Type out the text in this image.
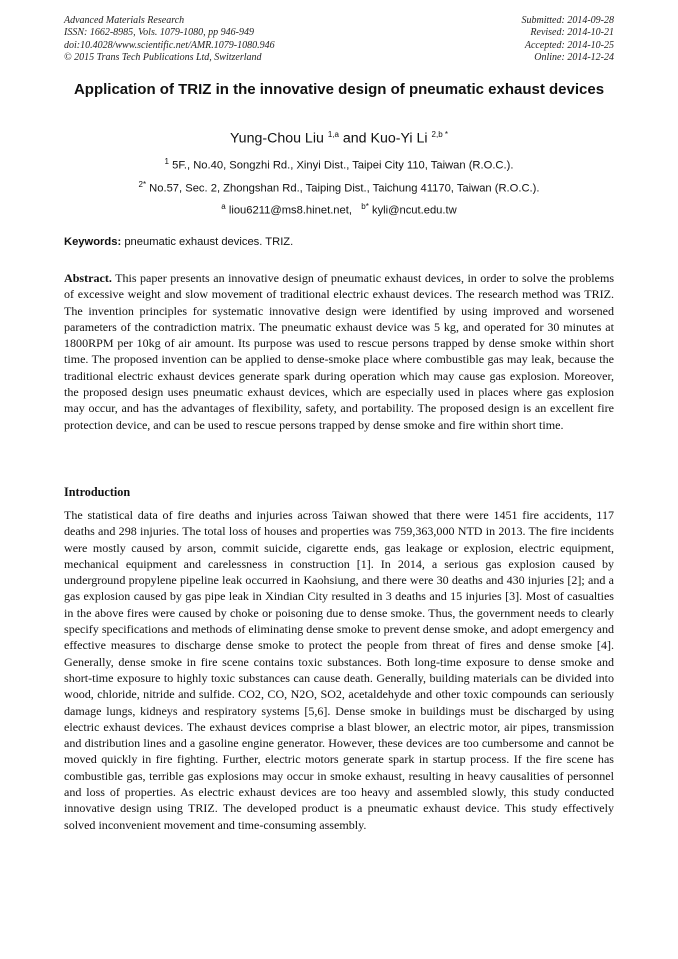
Advanced Materials Research
ISSN: 1662-8985, Vols. 1079-1080, pp 946-949
doi:10.4028/www.scientific.net/AMR.1079-1080.946
© 2015 Trans Tech Publications Ltd, Switzerland
Submitted: 2014-09-28
Revised: 2014-10-21
Accepted: 2014-10-25
Online: 2014-12-24
Application of TRIZ in the innovative design of pneumatic exhaust devices
Yung-Chou Liu $^{1,a}$ and Kuo-Yi Li $^{2,b *}$
$^1$ 5F., No.40, Songzhi Rd., Xinyi Dist., Taipei City 110, Taiwan (R.O.C.).
$^{2*}$ No.57, Sec. 2, Zhongshan Rd., Taiping Dist., Taichung 41170, Taiwan (R.O.C.).
$^a$ liou6211@ms8.hinet.net, $^{b*}$ kyli@ncut.edu.tw
Keywords: pneumatic exhaust devices. TRIZ.
Abstract. This paper presents an innovative design of pneumatic exhaust devices, in order to solve the problems of excessive weight and slow movement of traditional electric exhaust devices. The research method was TRIZ. The invention principles for systematic innovative design were identified by using improved and worsened parameters of the contradiction matrix. The pneumatic exhaust device was 5 kg, and operated for 30 minutes at 1800RPM per 10kg of air amount. Its purpose was used to rescue persons trapped by dense smoke within short time. The proposed invention can be applied to dense-smoke place where combustible gas may leak, because the traditional electric exhaust devices generate spark during operation which may cause gas explosion. Moreover, the proposed design uses pneumatic exhaust devices, which are especially used in places where gas explosion may occur, and has the advantages of flexibility, safety, and portability. The proposed design is an excellent fire protection device, and can be used to rescue persons trapped by dense smoke and fire within short time.
Introduction
The statistical data of fire deaths and injuries across Taiwan showed that there were 1451 fire accidents, 117 deaths and 298 injuries. The total loss of houses and properties was 759,363,000 NTD in 2013. The fire incidents were mostly caused by arson, commit suicide, cigarette ends, gas leakage or explosion, electric equipment, mechanical equipment and carelessness in construction [1]. In 2014, a serious gas explosion caused by underground propylene pipeline leak occurred in Kaohsiung, and there were 30 deaths and 430 injuries [2]; and a gas explosion caused by gas pipe leak in Xindian City resulted in 3 deaths and 15 injuries [3]. Most of casualties in the above fires were caused by choke or poisoning due to dense smoke. Thus, the government needs to clearly specify specifications and methods of eliminating dense smoke to prevent dense smoke, and adopt emergency and effective measures to discharge dense smoke to protect the people from threat of fires and dense smoke [4]. Generally, dense smoke in fire scene contains toxic substances. Both long-time exposure to dense smoke and short-time exposure to highly toxic substances can cause death. Generally, building materials can be divided into wood, chloride, nitride and sulfide. CO2, CO, N2O, SO2, acetaldehyde and other toxic compounds can seriously damage lungs, kidneys and respiratory systems [5,6]. Dense smoke in buildings must be discharged by using electric exhaust devices. The exhaust devices comprise a blast blower, an electric motor, air pipes, transmission and distribution lines and a gasoline engine generator. However, these devices are too cumbersome and cannot be moved quickly in fire fighting. Further, electric motors generate spark in startup process. If the fire scene has combustible gas, terrible gas explosions may occur in smoke exhaust, resulting in heavy causalities of personnel and loss of properties. As electric exhaust devices are too heavy and assembled slowly, this study conducted innovative design using TRIZ. The developed product is a pneumatic exhaust device. This study effectively solved inconvenient movement and time-consuming assembly.
